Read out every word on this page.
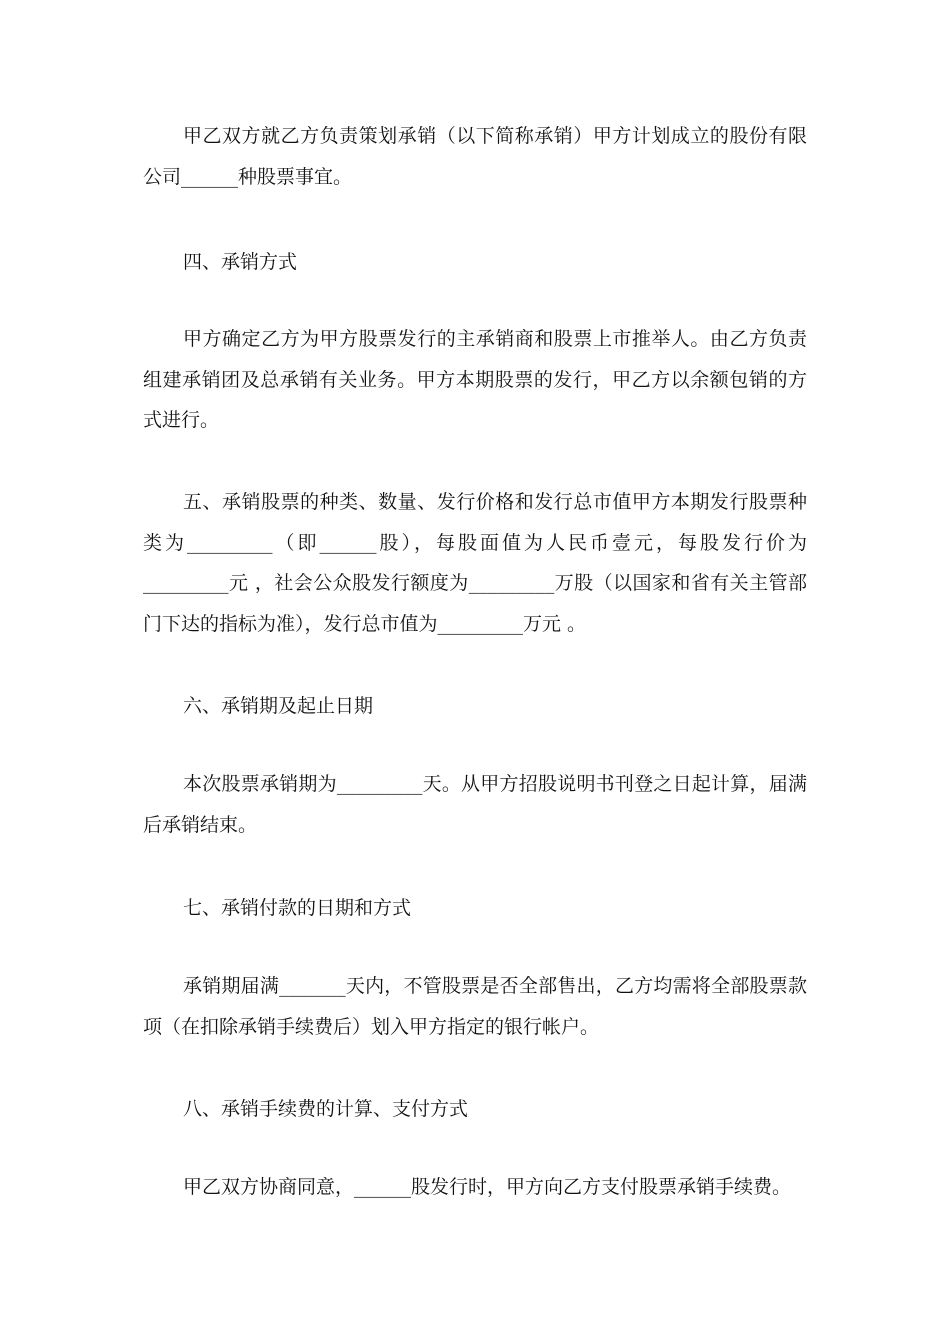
甲乙双方就乙方负责策划承销（以下简称承销）甲方计划成立的股份有限公司______种股票事宜。
四、承销方式
甲方确定乙方为甲方股票发行的主承销商和股票上市推举人。由乙方负责组建承销团及总承销有关业务。甲方本期股票的发行，甲乙方以余额包销的方式进行。
五、承销股票的种类、数量、发行价格和发行总市值甲方本期发行股票种类为_________（即______股），每股面值为人民币壹元，每股发行价为_________元 ，社会公众股发行额度为_________万股（以国家和省有关主管部门下达的指标为准），发行总市值为_________万元 。
六、承销期及起止日期
本次股票承销期为_________天。从甲方招股说明书刊登之日起计算，届满后承销结束。
七、承销付款的日期和方式
承销期届满_______天内，不管股票是否全部售出，乙方均需将全部股票款项（在扣除承销手续费后）划入甲方指定的银行帐户。
八、承销手续费的计算、支付方式
甲乙双方协商同意，______股发行时，甲方向乙方支付股票承销手续费。
